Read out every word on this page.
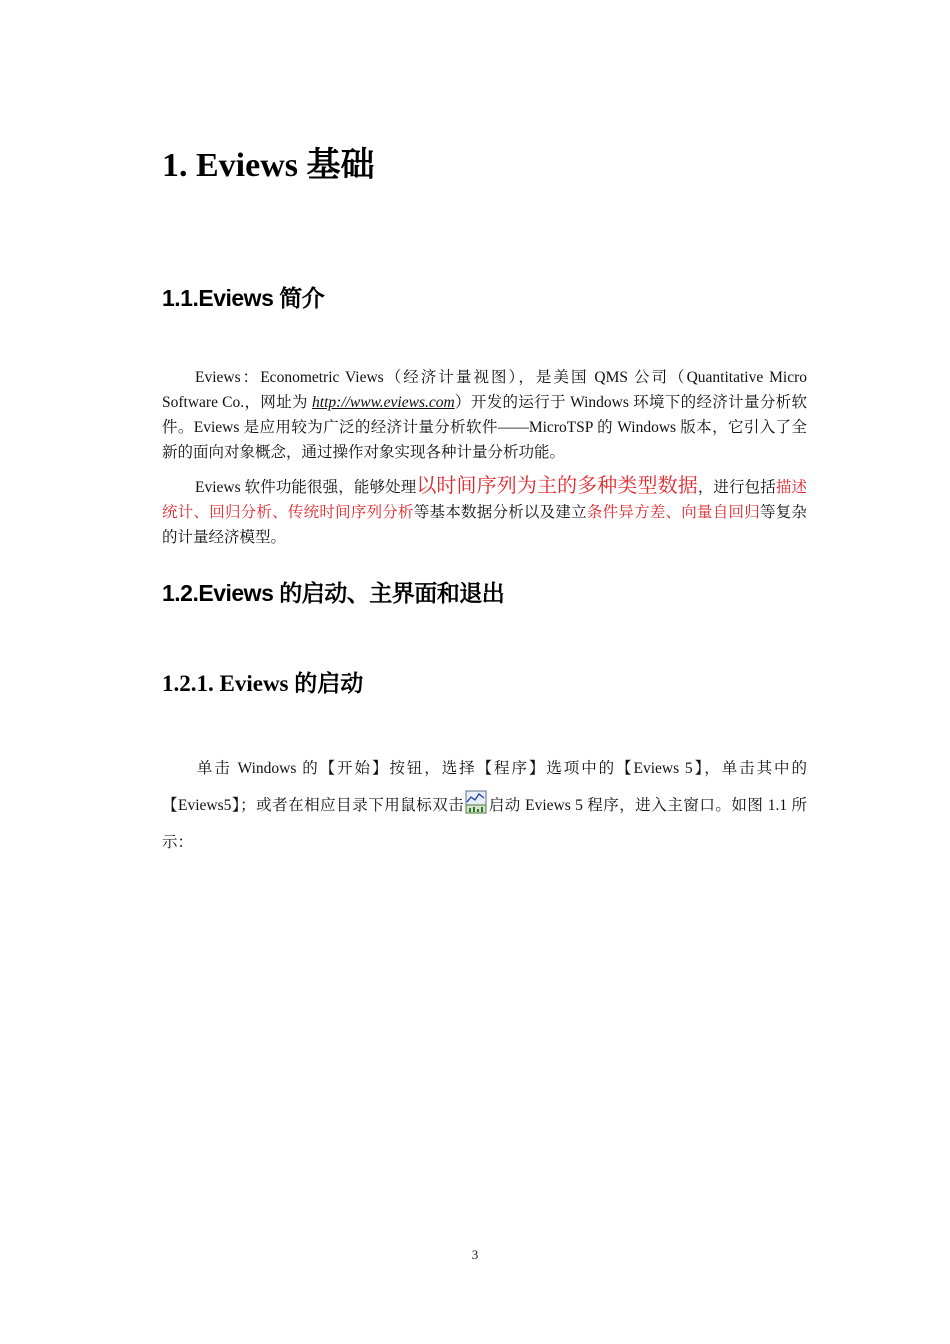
1. Eviews 基础
1.1.Eviews 简介

Eviews：Econometric Views（经济计量视图），是美国 QMS 公司（Quantitative Micro Software Co.，网址为 http://www.eviews.com）开发的运行于 Windows 环境下的经济计量分析软件。Eviews 是应用较为广泛的经济计量分析软件——MicroTSP 的 Windows 版本，它引入了全新的面向对象概念，通过操作对象实现各种计量分析功能。

Eviews 软件功能很强，能够处理以时间序列为主的多种类型数据，进行包括描述统计、回归分析、传统时间序列分析等基本数据分析以及建立条件异方差、向量自回归等复杂的计量经济模型。

1.2.Eviews 的启动、主界面和退出
1.2.1. Eviews 的启动

单击 Windows 的【开始】按钮，选择【程序】选项中的【Eviews 5】，单击其中的【Eviews5】；或者在相应目录下用鼠标双击 启动 Eviews 5 程序，进入主窗口。如图 1.1 所示：

3
